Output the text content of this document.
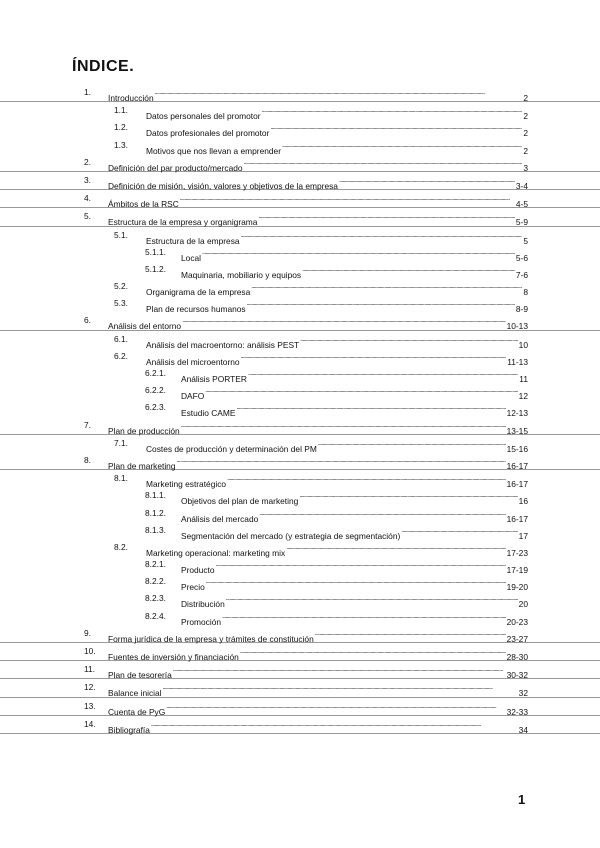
ÍNDICE.
1.
Introducción .....	2
1.1.
Datos personales del promotor .....	2
1.2.
Datos profesionales del promotor .....	2
1.3.
Motivos que nos llevan a emprender .....	2
2.
Definición del par producto/mercado .....	3
3.
Definición de misión, visión, valores y objetivos de la empresa .....	3-4
4.
Ámbitos de la RSC .....	4-5
5.
Estructura de la empresa y organigrama .....	5-9
5.1.
Estructura de la empresa .....	5
5.1.1.
Local .....	5-6
5.1.2.
Maquinaria, mobiliario y equipos .....	7-6
5.2.
Organigrama de la empresa .....	8
5.3.
Plan de recursos humanos .....	8-9
6.
Análisis del entorno .....	10-13
6.1.
Análisis del macroentorno: análisis PEST .....	10
6.2.
Análisis del microentorno .....	11-13
6.2.1.
Análisis PORTER .....	11
6.2.2.
DAFO .....	12
6.2.3.
Estudio CAME .....	12-13
7.
Plan de producción .....	13-15
7.1.
Costes de producción y determinación del PM .....	15-16
8.
Plan de marketing .....	16-17
8.1.
Marketing estratégico .....	16-17
8.1.1.
Objetivos del plan de marketing .....	16
8.1.2.
Análisis del mercado .....	16-17
8.1.3.
Segmentación del mercado (y estrategia de segmentación) .....	17
8.2.
Marketing operacional: marketing mix .....	17-23
8.2.1.
Producto .....	17-19
8.2.2.
Precio .....	19-20
8.2.3.
Distribución .....	20
8.2.4.
Promoción .....	20-23
9.
Forma jurídica de la empresa y trámites de constitución .....	23-27
10.
Fuentes de inversión y financiación .....	28-30
11.
Plan de tesorería .....	30-32
12.
Balance inicial .....	32
13.
Cuenta de PyG .....	32-33
14.
Bibliografía .....	34
1
